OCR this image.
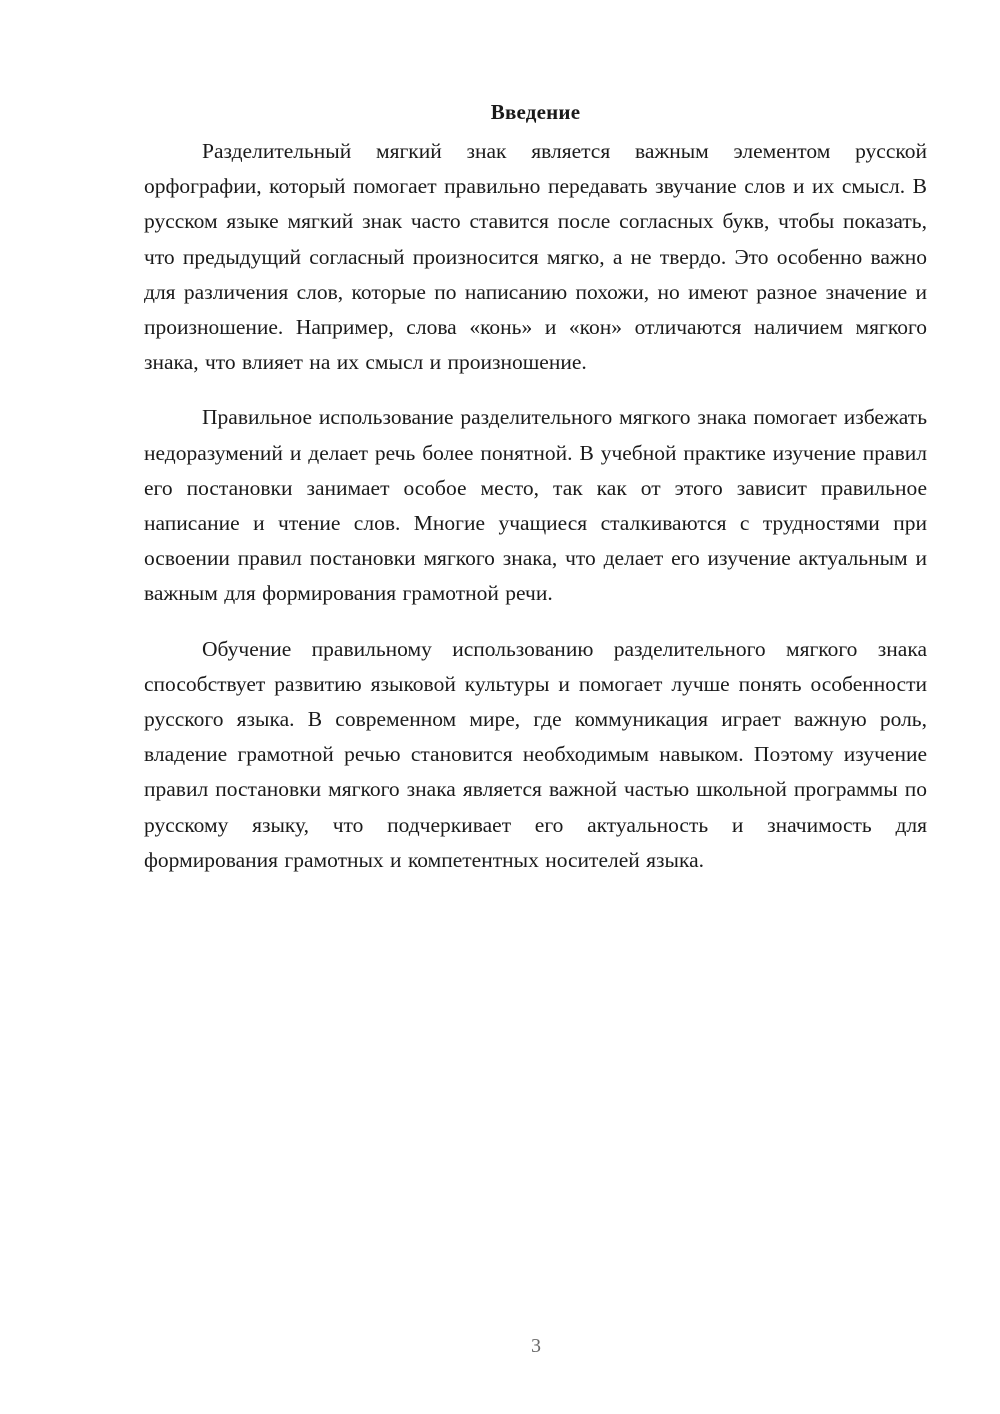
Введение

Разделительный мягкий знак является важным элементом русской орфографии, который помогает правильно передавать звучание слов и их смысл. В русском языке мягкий знак часто ставится после согласных букв, чтобы показать, что предыдущий согласный произносится мягко, а не твердо. Это особенно важно для различения слов, которые по написанию похожи, но имеют разное значение и произношение. Например, слова «конь» и «кон» отличаются наличием мягкого знака, что влияет на их смысл и произношение.

Правильное использование разделительного мягкого знака помогает избежать недоразумений и делает речь более понятной. В учебной практике изучение правил его постановки занимает особое место, так как от этого зависит правильное написание и чтение слов. Многие учащиеся сталкиваются с трудностями при освоении правил постановки мягкого знака, что делает его изучение актуальным и важным для формирования грамотной речи.

Обучение правильному использованию разделительного мягкого знака способствует развитию языковой культуры и помогает лучше понять особенности русского языка. В современном мире, где коммуникация играет важную роль, владение грамотной речью становится необходимым навыком. Поэтому изучение правил постановки мягкого знака является важной частью школьной программы по русскому языку, что подчеркивает его актуальность и значимость для формирования грамотных и компетентных носителей языка.

3
